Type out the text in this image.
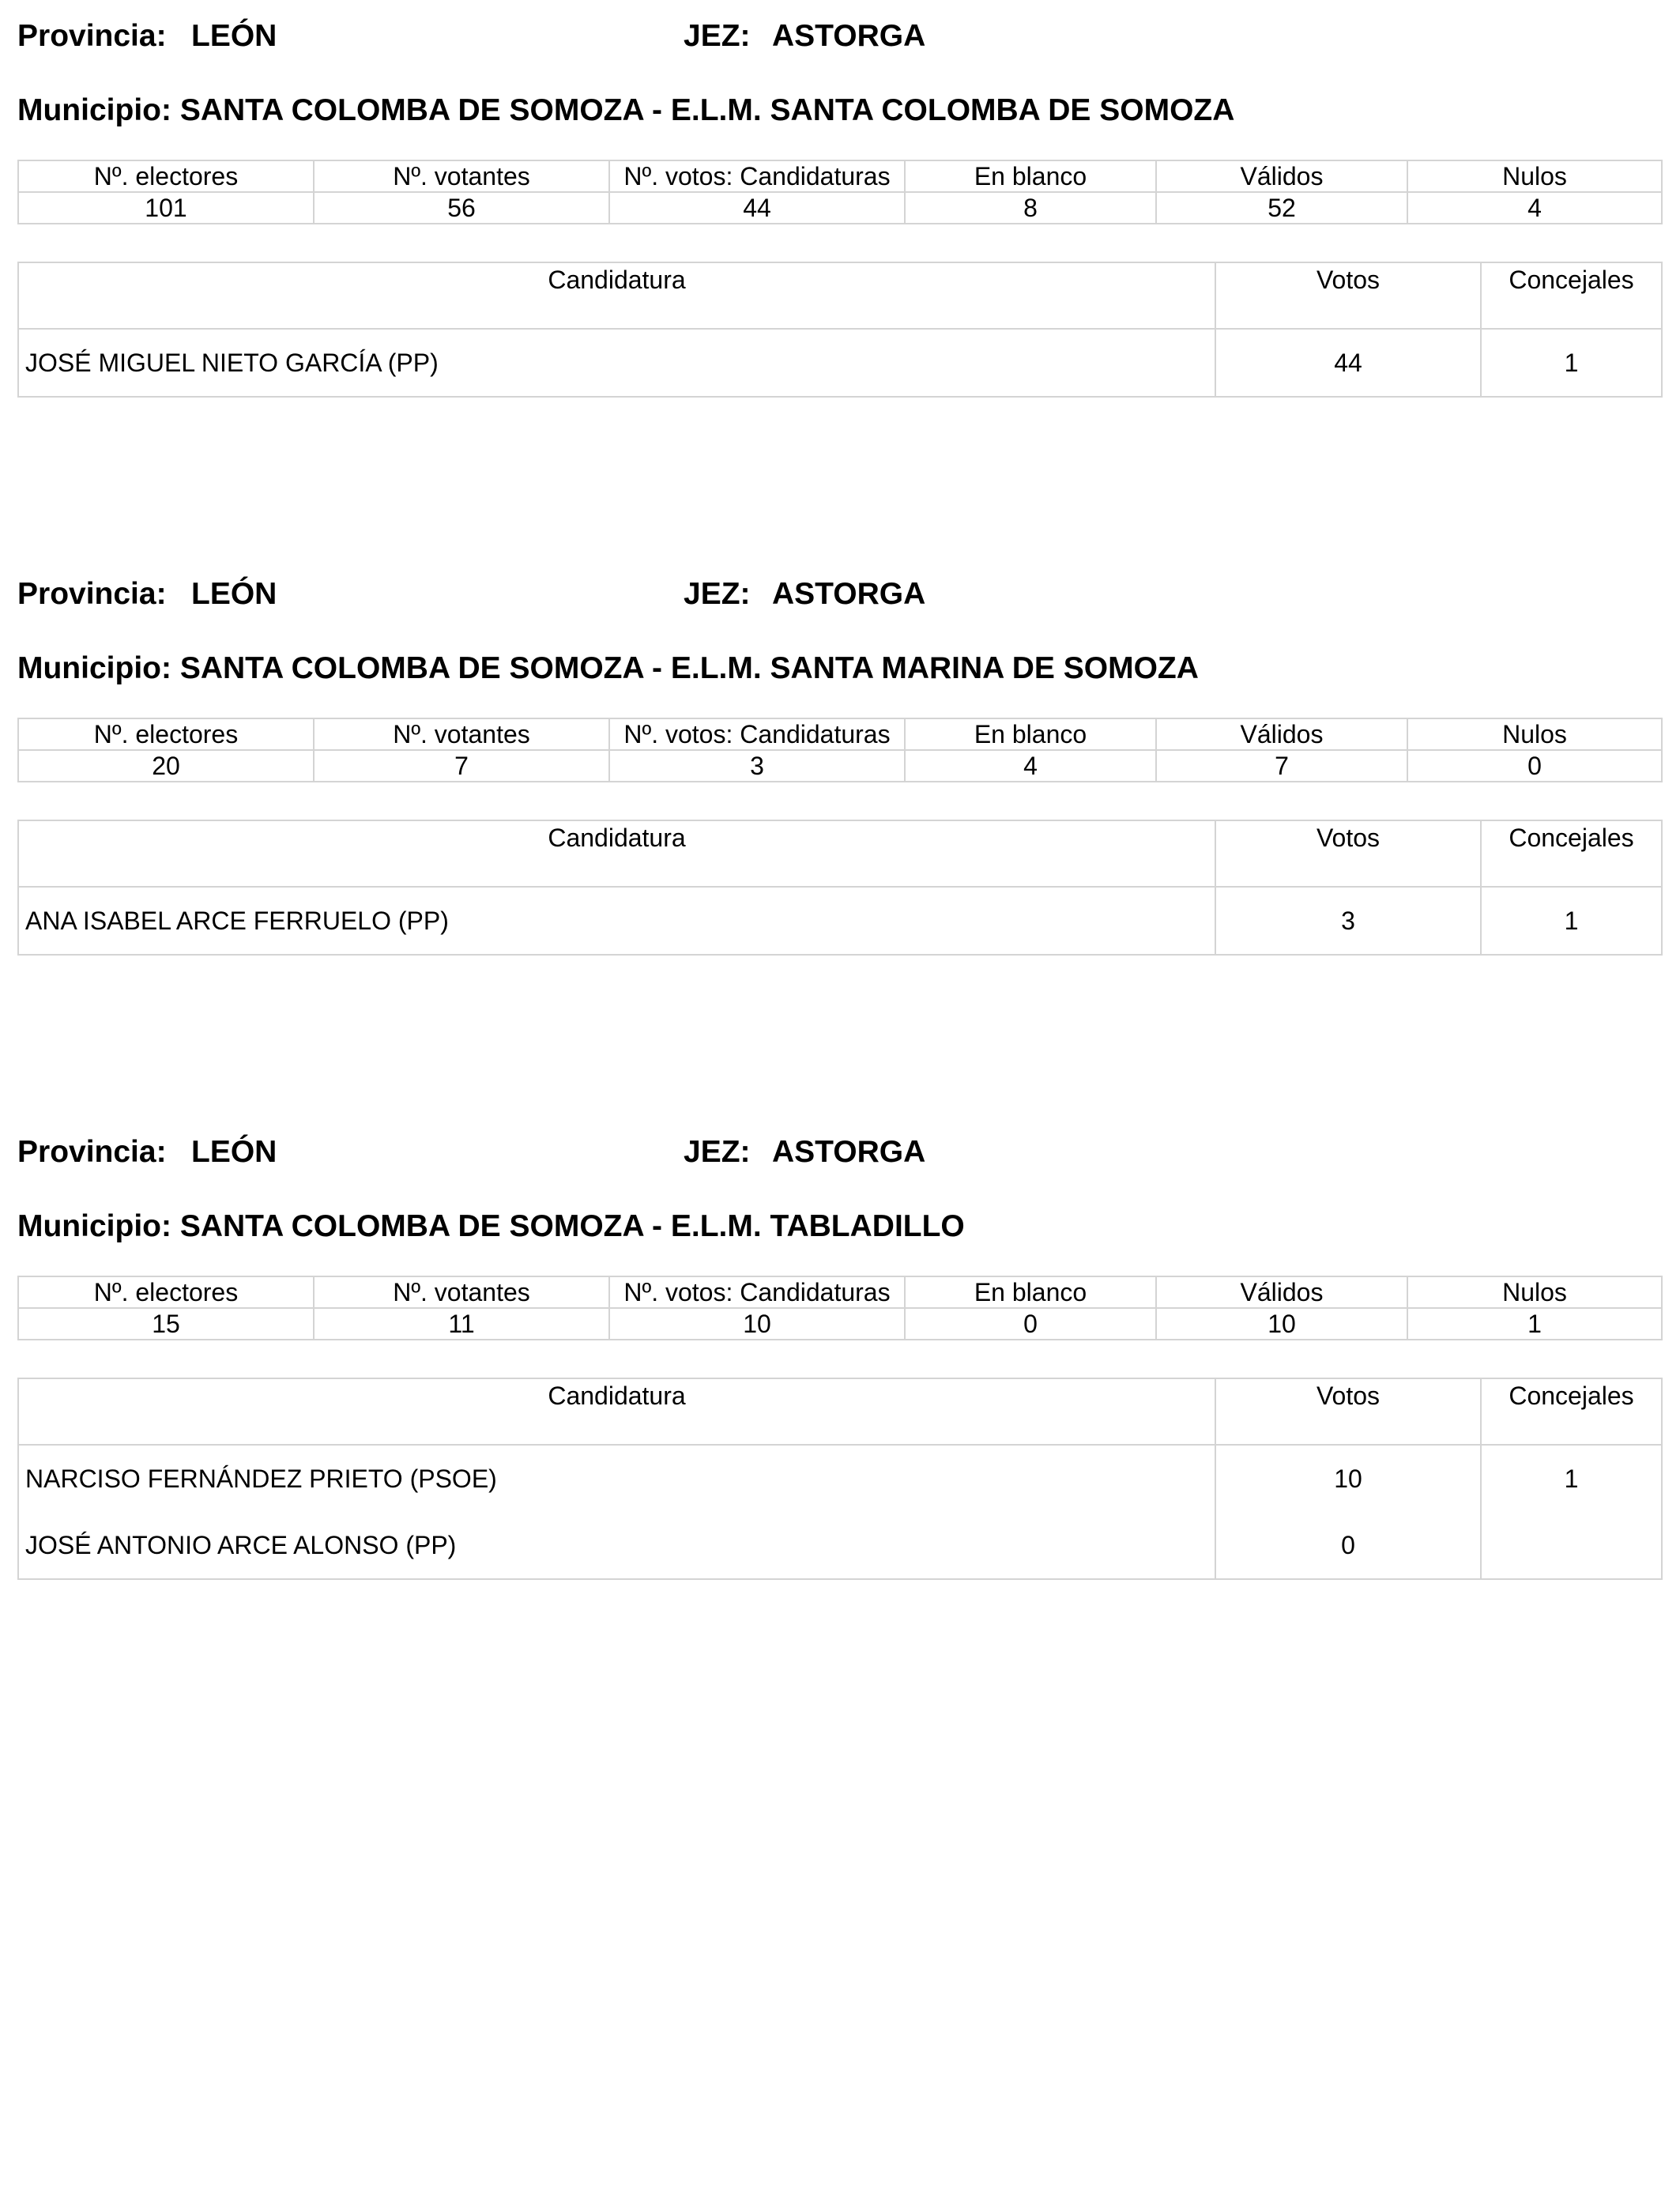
Provincia: LEÓN	JEZ: ASTORGA
Municipio: SANTA COLOMBA DE SOMOZA - E.L.M. SANTA COLOMBA DE SOMOZA
Nº. electores	Nº. votantes	Nº. votos: Candidaturas	En blanco	Válidos	Nulos
101	56	44	8	52	4
Candidatura	Votos	Concejales
JOSÉ MIGUEL NIETO GARCÍA (PP)	44	1
Provincia: LEÓN	JEZ: ASTORGA
Municipio: SANTA COLOMBA DE SOMOZA - E.L.M. SANTA MARINA DE SOMOZA
Nº. electores	Nº. votantes	Nº. votos: Candidaturas	En blanco	Válidos	Nulos
20	7	3	4	7	0
Candidatura	Votos	Concejales
ANA ISABEL ARCE FERRUELO (PP)	3	1
Provincia: LEÓN	JEZ: ASTORGA
Municipio: SANTA COLOMBA DE SOMOZA - E.L.M. TABLADILLO
Nº. electores	Nº. votantes	Nº. votos: Candidaturas	En blanco	Válidos	Nulos
15	11	10	0	10	1
Candidatura	Votos	Concejales
NARCISO FERNÁNDEZ PRIETO (PSOE)	10	1
JOSÉ ANTONIO ARCE ALONSO (PP)	0	
